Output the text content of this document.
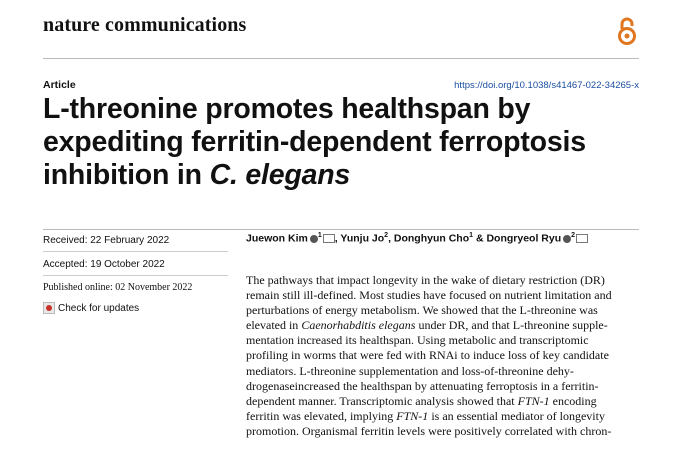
nature communications
Article	https://doi.org/10.1038/s41467-022-34265-x
L-threonine promotes healthspan by
expediting ferritin-dependent ferroptosis
inhibition in C. elegans
Received: 22 February 2022
Accepted: 19 October 2022
Published online: 02 November 2022
Check for updates
Juewon Kim $^1$ , Yunju Jo$^2$, Donghyun Cho$^1$ & Dongryeol Ryu $^2$
The pathways that impact longevity in the wake of dietary restriction (DR)
remain still ill-defined. Most studies have focused on nutrient limitation and
perturbations of energy metabolism. We showed that the L-threonine was
elevated in Caenorhabditis elegans under DR, and that L-threonine supple-
mentation increased its healthspan. Using metabolic and transcriptomic
profiling in worms that were fed with RNAi to induce loss of key candidate
mediators. L-threonine supplementation and loss-of-threonine dehy-
drogenaseincreased the healthspan by attenuating ferroptosis in a ferritin-
dependent manner. Transcriptomic analysis showed that FTN-1 encoding
ferritin was elevated, implying FTN-1 is an essential mediator of longevity
promotion. Organismal ferritin levels were positively correlated with chron-
